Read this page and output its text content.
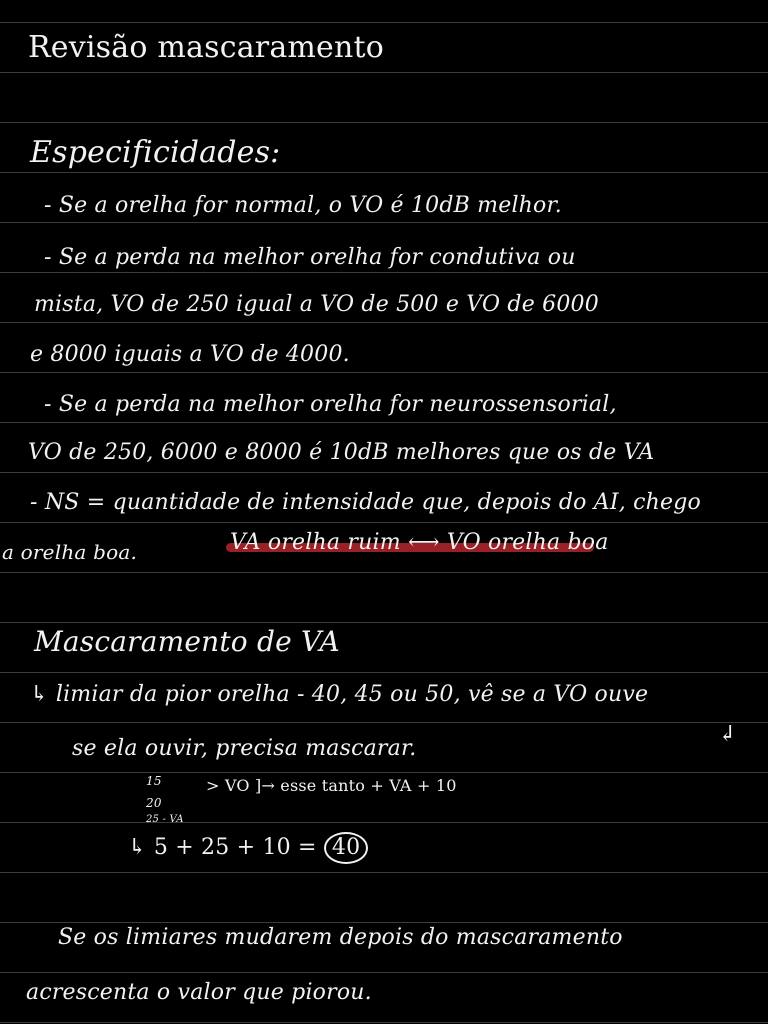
Revisão mascaramento
Especificidades:
- Se a orelha for normal, o VO é 10dB melhor.
- Se a perda na melhor orelha for condutiva ou
mista, VO de 250 igual a VO de 500 e VO de 6000
e 8000 iguais a VO de 4000.
- Se a perda na melhor orelha for neurossensorial,
VO de 250, 6000 e 8000 é 10dB melhores que os de VA
- NS = quantidade de intensidade que, depois do AI, chego
a orelha boa.	VA orelha ruim ⟷ VO orelha boa
Mascaramento de VA
↳ limiar da pior orelha - 40, 45 ou 50, vê se a VO ouve
↲
se ela ouvir, precisa mascarar.
15
20
25 - VA
> VO ]→ esse tanto + VA + 10
↳ 5 + 25 + 10 = 40
Se os limiares mudarem depois do mascaramento
acrescenta o valor que piorou.
